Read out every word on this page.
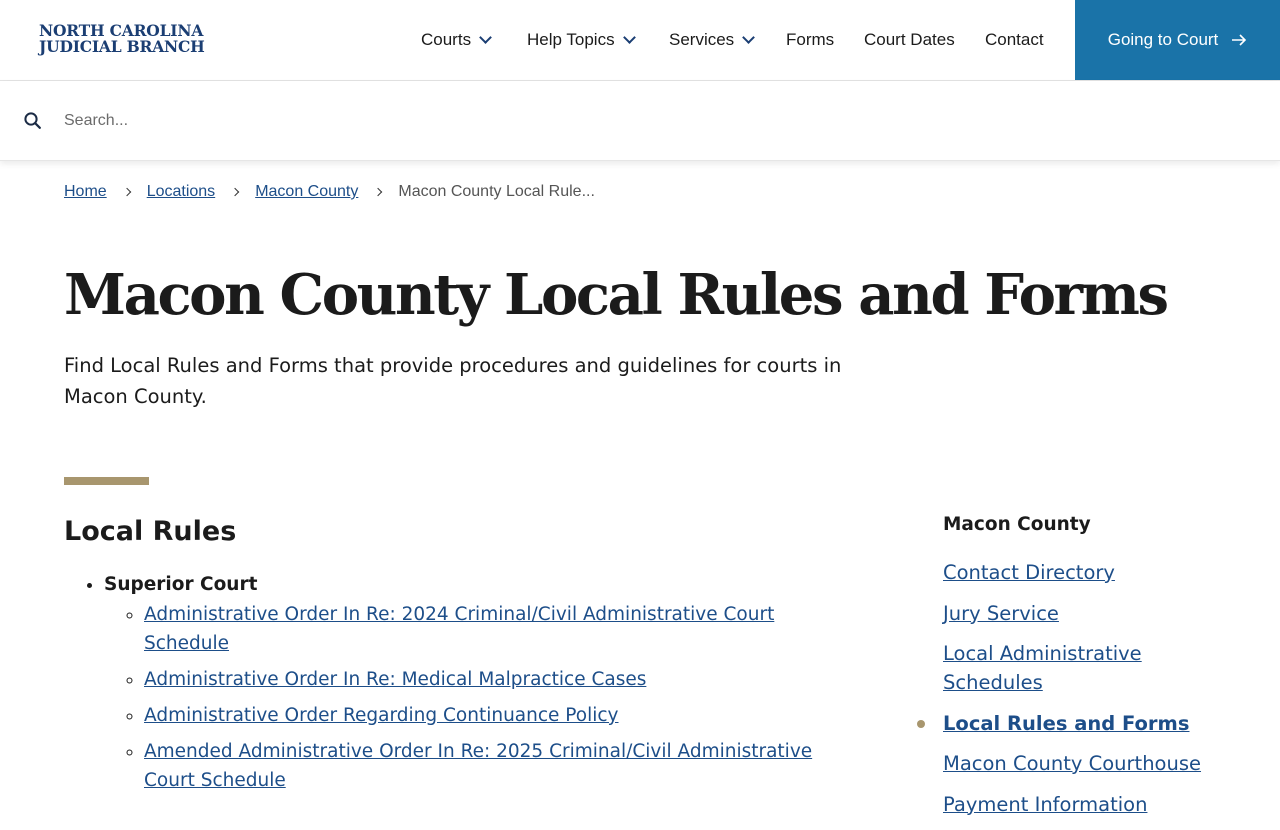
NORTH CAROLINA
JUDICIAL BRANCH	Courts	Help Topics	Services	Forms Court Dates Contact	Going to Court
Search...
Home	Locations	Macon County	Macon County Local Rule...
Macon County Local Rules and Forms

Find Local Rules and Forms that provide procedures and guidelines for courts in Macon County.

Local Rules
• Superior Court
◦ Administrative Order In Re: 2024 Criminal/Civil Administrative Court Schedule
◦ Administrative Order In Re: Medical Malpractice Cases
◦ Administrative Order Regarding Continuance Policy
◦ Amended Administrative Order In Re: 2025 Criminal/Civil Administrative Court Schedule
Macon County
Contact Directory
Jury Service
Local Administrative Schedules
Local Rules and Forms
Macon County Courthouse
Payment Information
